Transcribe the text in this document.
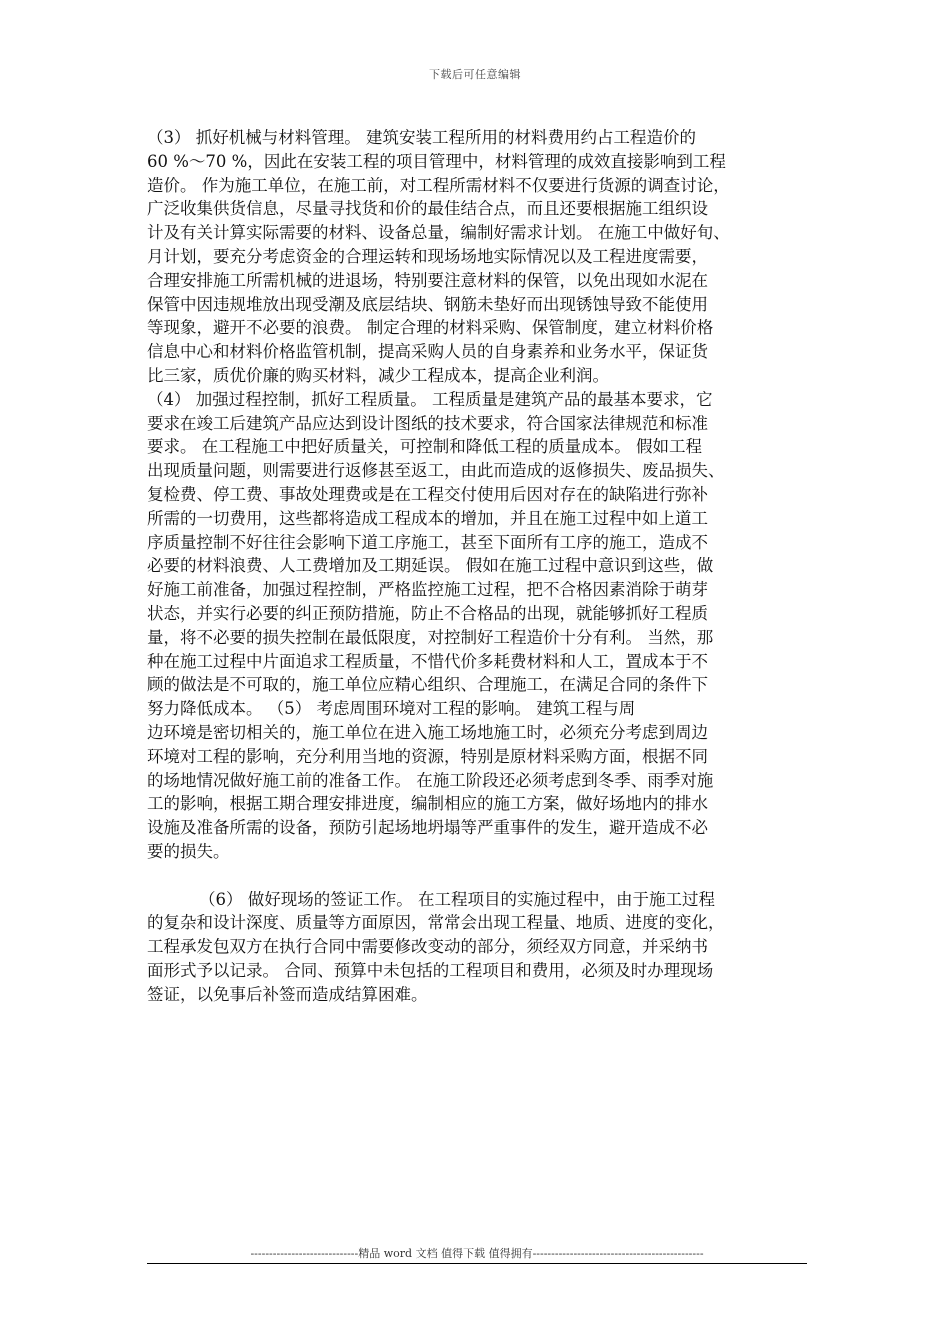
下载后可任意编辑
（3） 抓好机械与材料管理。 建筑安装工程所用的材料费用约占工程造价的
60 %～70 %，因此在安装工程的项目管理中，材料管理的成效直接影响到工程
造价。 作为施工单位，在施工前，对工程所需材料不仅要进行货源的调查讨论，
广泛收集供货信息，尽量寻找货和价的最佳结合点，而且还要根据施工组织设
计及有关计算实际需要的材料、设备总量，编制好需求计划。 在施工中做好旬、
月计划，要充分考虑资金的合理运转和现场场地实际情况以及工程进度需要，
合理安排施工所需机械的进退场，特别要注意材料的保管，以免出现如水泥在
保管中因违规堆放出现受潮及底层结块、钢筋未垫好而出现锈蚀导致不能使用
等现象，避开不必要的浪费。 制定合理的材料采购、保管制度，建立材料价格
信息中心和材料价格监管机制，提高采购人员的自身素养和业务水平，保证货
比三家，质优价廉的购买材料，减少工程成本，提高企业利润。
（4） 加强过程控制，抓好工程质量。 工程质量是建筑产品的最基本要求，它
要求在竣工后建筑产品应达到设计图纸的技术要求，符合国家法律规范和标准
要求。 在工程施工中把好质量关，可控制和降低工程的质量成本。 假如工程
出现质量问题，则需要进行返修甚至返工，由此而造成的返修损失、废品损失、
复检费、停工费、事故处理费或是在工程交付使用后因对存在的缺陷进行弥补
所需的一切费用，这些都将造成工程成本的增加，并且在施工过程中如上道工
序质量控制不好往往会影响下道工序施工，甚至下面所有工序的施工，造成不
必要的材料浪费、人工费增加及工期延误。 假如在施工过程中意识到这些，做
好施工前准备，加强过程控制，严格监控施工过程，把不合格因素消除于萌芽
状态，并实行必要的纠正预防措施，防止不合格品的出现，就能够抓好工程质
量，将不必要的损失控制在最低限度，对控制好工程造价十分有利。 当然，那
种在施工过程中片面追求工程质量，不惜代价多耗费材料和人工，置成本于不
顾的做法是不可取的，施工单位应精心组织、合理施工，在满足合同的条件下
努力降低成本。 （5） 考虑周围环境对工程的影响。 建筑工程与周
边环境是密切相关的，施工单位在进入施工场地施工时，必须充分考虑到周边
环境对工程的影响，充分利用当地的资源，特别是原材料采购方面，根据不同
的场地情况做好施工前的准备工作。 在施工阶段还必须考虑到冬季、雨季对施
工的影响，根据工期合理安排进度，编制相应的施工方案，做好场地内的排水
设施及准备所需的设备，预防引起场地坍塌等严重事件的发生，避开造成不必
要的损失。
（6） 做好现场的签证工作。 在工程项目的实施过程中，由于施工过程
的复杂和设计深度、质量等方面原因，常常会出现工程量、地质、进度的变化，
工程承发包双方在执行合同中需要修改变动的部分，须经双方同意，并采纳书
面形式予以记录。 合同、预算中未包括的工程项目和费用，必须及时办理现场
签证，以免事后补签而造成结算困难。
-----------------------------精品 word 文档 值得下载 值得拥有----------------------------------------------
